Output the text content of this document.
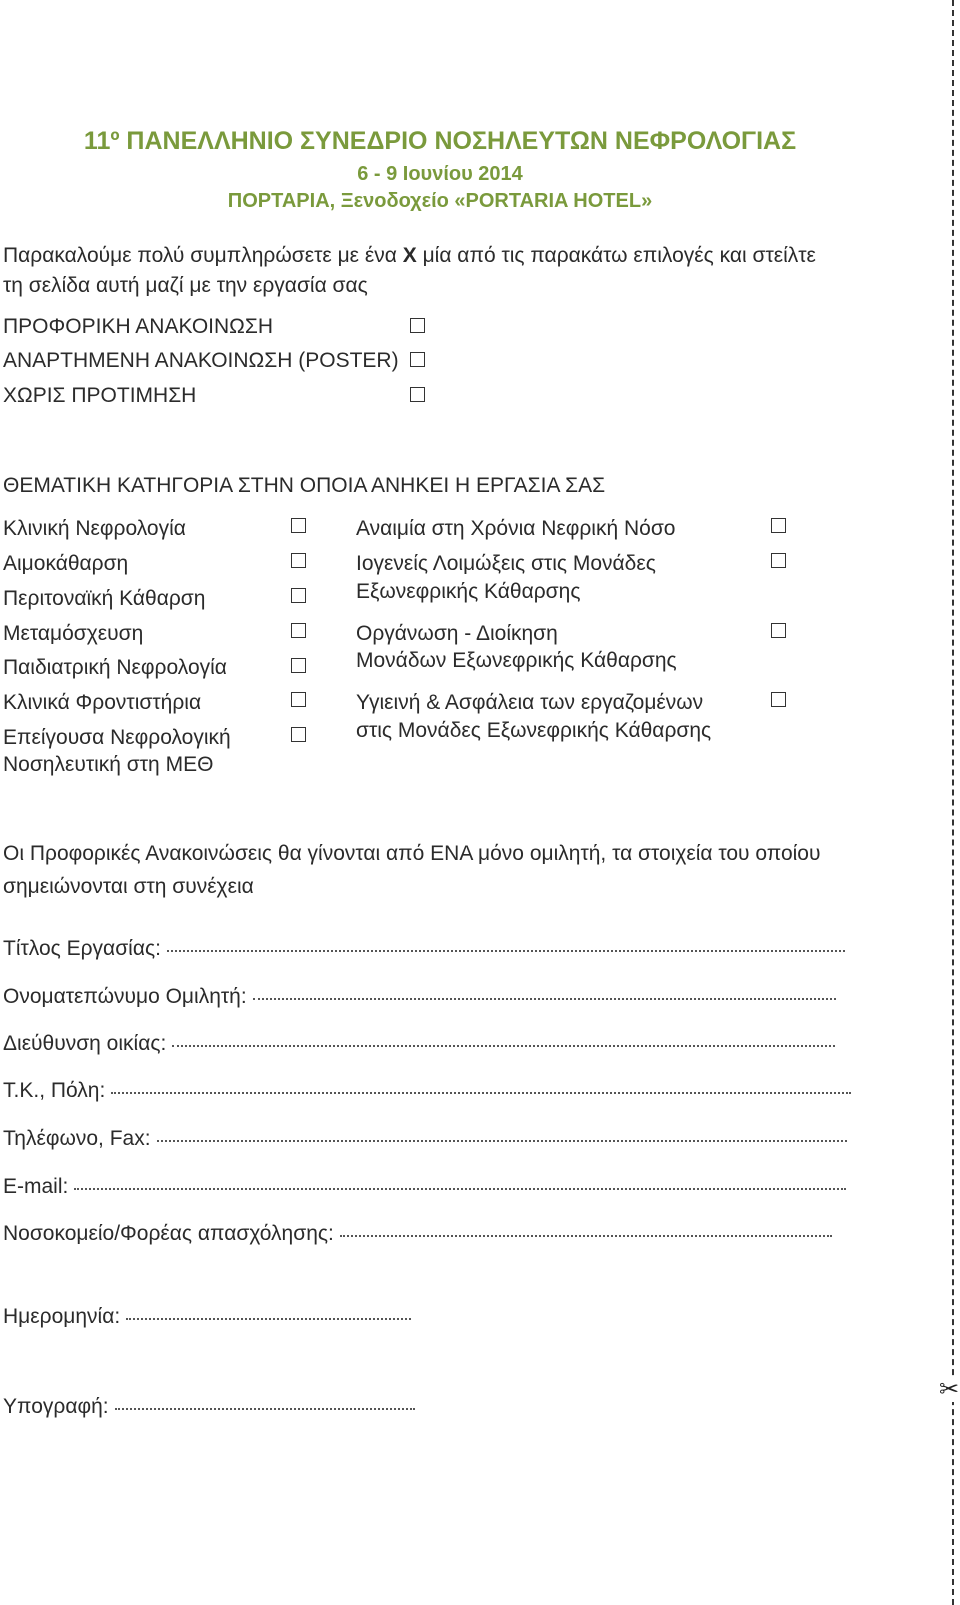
11º ΠΑΝΕΛΛΗΝΙΟ ΣΥΝΕΔΡΙΟ ΝΟΣΗΛΕΥΤΩΝ ΝΕΦΡΟΛΟΓΙΑΣ
6 - 9 Ιουνίου 2014
ΠΟΡΤΑΡΙΑ, Ξενοδοχείο «PORTARIA HOTEL»
Παρακαλούμε πολύ συμπληρώσετε με ένα X μία από τις παρακάτω επιλογές και στείλτε
τη σελίδα αυτή μαζί με την εργασία σας
ΠΡΟΦΟΡΙΚΗ ΑΝΑΚΟΙΝΩΣΗ
ΑΝΑΡΤΗΜΕΝΗ ΑΝΑΚΟΙΝΩΣΗ (POSTER)
ΧΩΡΙΣ ΠΡΟΤΙΜΗΣΗ
ΘΕΜΑΤΙΚΗ ΚΑΤΗΓΟΡΙΑ ΣΤΗΝ ΟΠΟΙΑ ΑΝΗΚΕΙ Η ΕΡΓΑΣΙΑ ΣΑΣ
Κλινική Νεφρολογία
Αιμοκάθαρση
Περιτοναϊκή Κάθαρση
Μεταμόσχευση
Παιδιατρική Νεφρολογία
Κλινικά Φροντιστήρια
Επείγουσα Νεφρολογική
Νοσηλευτική στη ΜΕΘ
Αναιμία στη Χρόνια Νεφρική Νόσο
Ιογενείς Λοιμώξεις στις Μονάδες
Εξωνεφρικής Κάθαρσης
Οργάνωση - Διοίκηση
Μονάδων Εξωνεφρικής Κάθαρσης
Υγιεινή & Ασφάλεια των εργαζομένων
στις Μονάδες Εξωνεφρικής Κάθαρσης
Οι Προφορικές Ανακοινώσεις θα γίνονται από ΕΝΑ μόνο ομιλητή, τα στοιχεία του οποίου
σημειώνονται στη συνέχεια
Τίτλος Εργασίας:
Ονοματεπώνυμο Ομιλητή:
Διεύθυνση οικίας:
Τ.Κ., Πόλη:
Τηλέφωνο, Fax:
E-mail:
Νοσοκομείο/Φορέας απασχόλησης:
Ημερομηνία:
Υπογραφή:
✂
